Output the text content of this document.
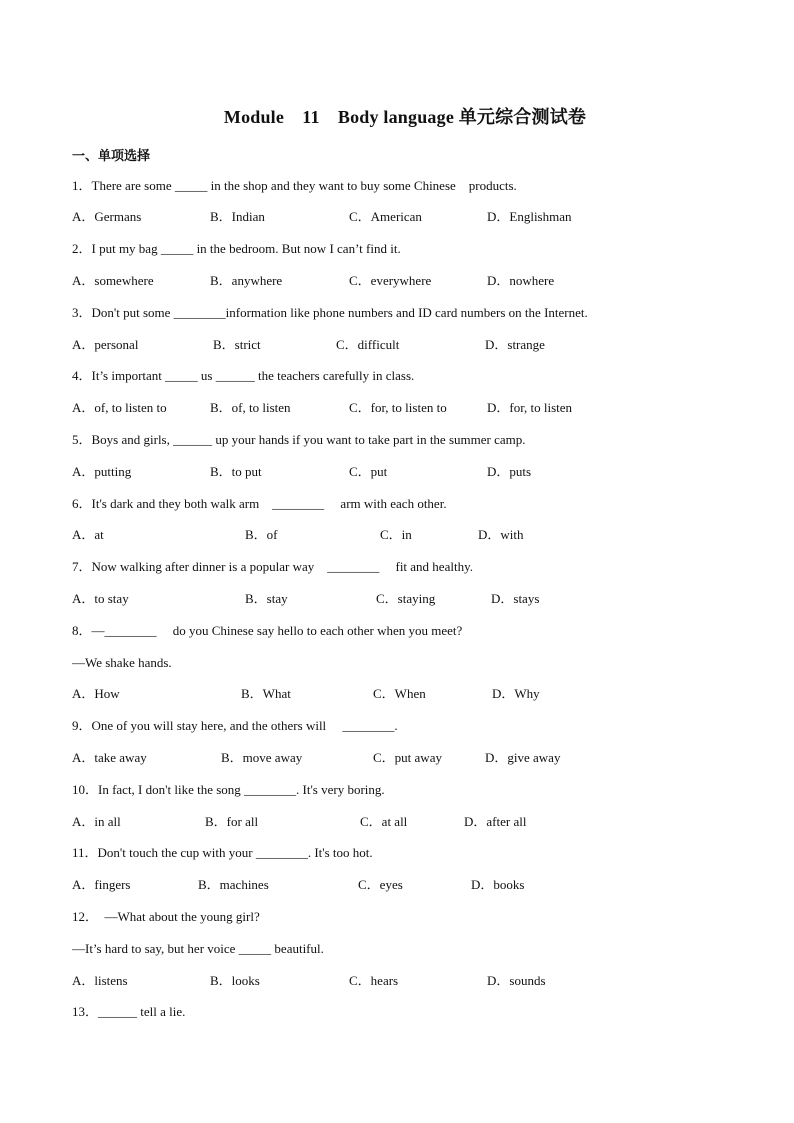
Module　11　Body language 单元综合测试卷
一、单项选择
1．There are some _____ in the shop and they want to buy some Chinese　products.
A．Germans	B．Indian	C．American	D．Englishman
2．I put my bag _____ in the bedroom. But now I can’t find it.
A．somewhere	B．anywhere	C．everywhere	D．nowhere
3．Don't put some ________information like phone numbers and ID card numbers on the Internet.
A．personal	B．strict	C．difficult	D．strange
4．It’s important _____ us ______ the teachers carefully in class.
A．of, to listen to	B．of, to listen	C．for, to listen to	D．for, to listen
5．Boys and girls, ______ up your hands if you want to take part in the summer camp.
A．putting	B．to put	C．put	D．puts
6．It's dark and they both walk arm　________　 arm with each other.
A．at	B．of	C．in	D．with
7．Now walking after dinner is a popular way　________　 fit and healthy.
A．to stay	B．stay	C．staying	D．stays
8．—________　 do you Chinese say hello to each other when you meet?
—We shake hands.
A．How	B．What	C．When	D．Why
9．One of you will stay here, and the others will　 ________.
A．take away	B．move away	C．put away	D．give away
10．In fact, I don't like the song ________. It's very boring.
A．in all	B．for all	C．at all	D．after all
11．Don't touch the cup with your ________. It's too hot.
A．fingers	B．machines	C．eyes	D．books
12．　—What about the young girl?
—It’s hard to say, but her voice _____ beautiful.
A．listens	B．looks	C．hears	D．sounds
13．______ tell a lie.
